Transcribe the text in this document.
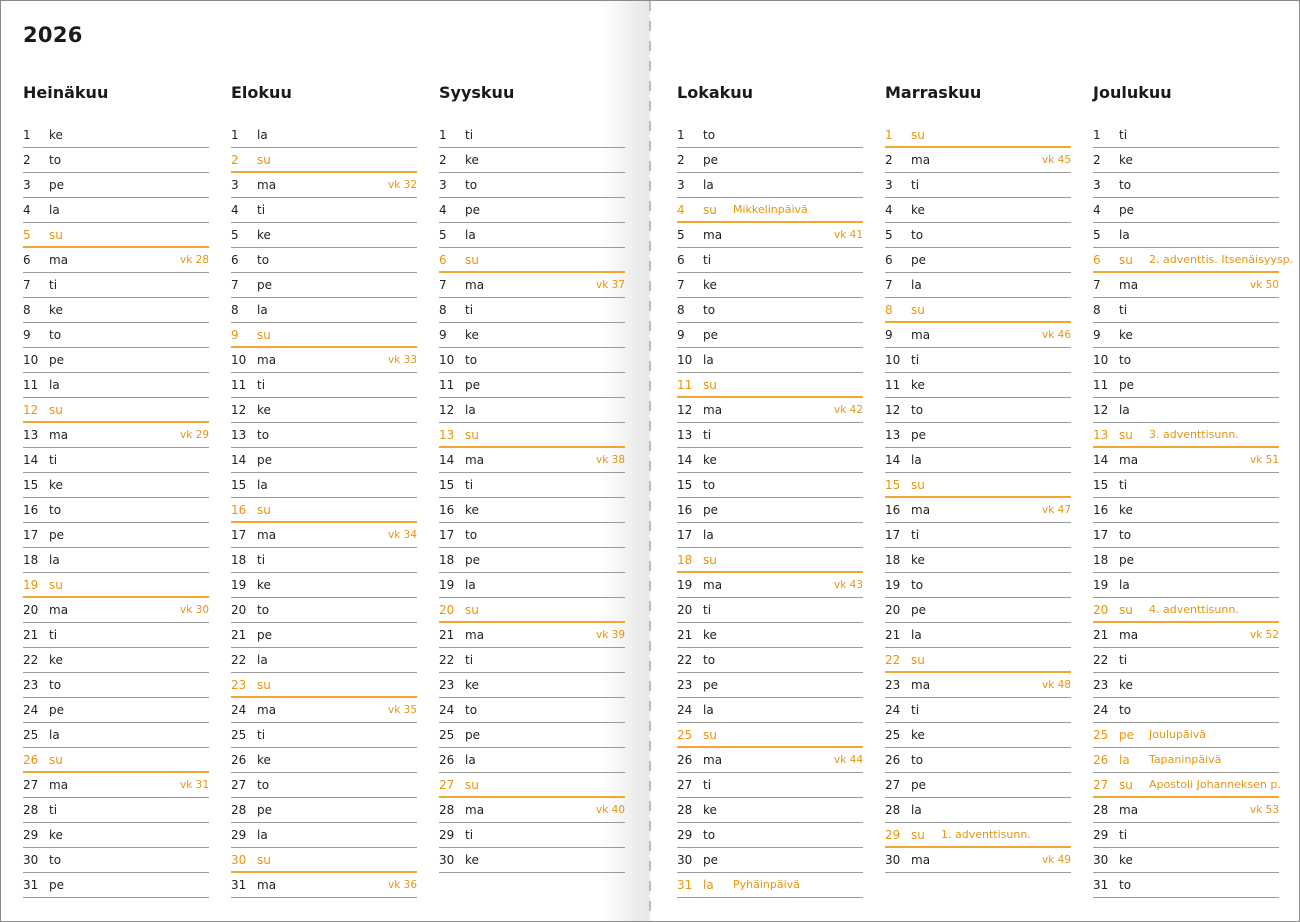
2026
Heinäkuu
1	ke
2	to
3	pe
4	la
5	su
6	ma	vk 28
7	ti
8	ke
9	to
10 pe
11 la
12 su
13 ma	vk 29
14 ti
15 ke
16 to
17 pe
18 la
19 su
20 ma	vk 30
21 ti
22 ke
23 to
24 pe
25 la
26 su
27 ma	vk 31
28 ti
29 ke
30 to
31 pe
Elokuu
1	la
2	su
3	ma	vk 32
4	ti
5	ke
6	to
7	pe
8	la
9	su
10 ma	vk 33
11 ti
12 ke
13 to
14 pe
15 la
16 su
17 ma	vk 34
18 ti
19 ke
20 to
21 pe
22 la
23 su
24 ma	vk 35
25 ti
26 ke
27 to
28 pe
29 la
30 su
31 ma	vk 36
Syyskuu
1	ti
2	ke
3	to
4	pe
5	la
6	su
7	ma	vk 37
8	ti
9	ke
10 to
11 pe
12 la
13 su
14 ma	vk 38
15 ti
16 ke
17 to
18 pe
19 la
20 su
21 ma	vk 39
22 ti
23 ke
24 to
25 pe
26 la
27 su
28 ma	vk 40
29 ti
30 ke
Lokakuu
1	to
2	pe
3	la
4	su Mikkelinpäivä
5	ma	vk 41
6	ti
7	ke
8	to
9	pe
10 la
11 su
12 ma	vk 42
13 ti
14 ke
15 to
16 pe
17 la
18 su
19 ma	vk 43
20 ti
21 ke
22 to
23 pe
24 la
25 su
26 ma	vk 44
27 ti
28 ke
29 to
30 pe
31 la Pyhäinpäivä
Marraskuu
1	su
2	ma	vk 45
3	ti
4	ke
5	to
6	pe
7	la
8	su
9	ma	vk 46
10 ti
11 ke
12 to
13 pe
14 la
15 su
16 ma	vk 47
17 ti
18 ke
19 to
20 pe
21 la
22 su
23 ma	vk 48
24 ti
25 ke
26 to
27 pe
28 la
29 su 1. adventtisunn.
30 ma	vk 49
Joulukuu
1	ti
2	ke
3	to
4	pe
5	la
6	su 2. adventtis. Itsenäisyysp.
7	ma	vk 50
8	ti
9	ke
10 to
11 pe
12 la
13 su 3. adventtisunn.
14 ma	vk 51
15 ti
16 ke
17 to
18 pe
19 la
20 su 4. adventtisunn.
21 ma	vk 52
22 ti
23 ke
24 to
25 pe Joulupäivä
26 la Tapaninpäivä
27 su Apostoli Johanneksen p.
28 ma	vk 53
29 ti
30 ke
31 to
